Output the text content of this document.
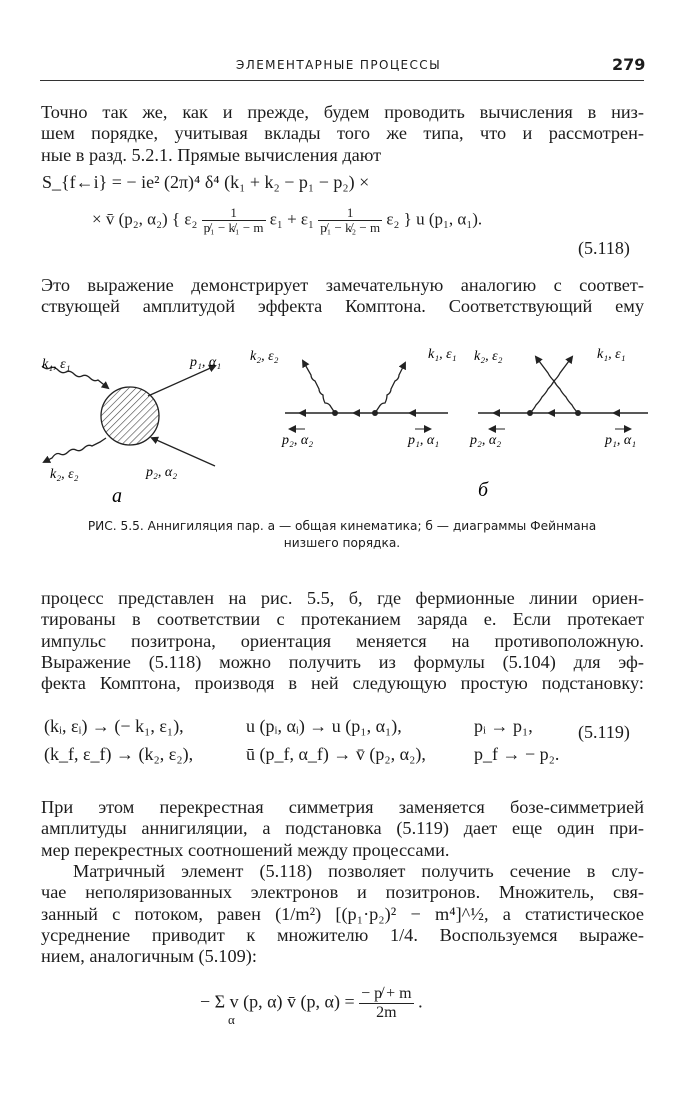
ЭЛЕМЕНТАРНЫЕ ПРОЦЕССЫ	279
Точно так же, как и прежде, будем проводить вычисления в низ-
шем порядке, учитывая вклады того же типа, что и рассмотрен-
ные в разд. 5.2.1. Прямые вычисления дают
S_{f←i} = − ie² (2π)⁴ δ⁴ (k₁ + k₂ − p₁ − p₂) ×
× v̄ (p₂, α₂) { $\varepsilon_2 \frac{1}{\text{p̸₁ − k̸₁ − m}} \varepsilon_1 + \varepsilon_1 \frac{1}{\text{p̸₁ − k̸₂ − m}} \varepsilon_2$ } u (p₁, α₁).
(5.118)
Это выражение демонстрирует замечательную аналогию с соответ-
ствующей амплитудой эффекта Комптона. Соответствующий ему
k₁, ε₁	p₁, α₁
k₂, ε₂	p₂, α₂
a
k₂, ε₂	k₁, ε₁
p₂, α₂	p₁, α₁
k₂, ε₂	k₁, ε₁
p₂, α₂	p₁, α₁
б
РИС. 5.5. Аннигиляция пар. а — общая кинематика; б — диаграммы Фейнмана
низшего порядка.
процесс представлен на рис. 5.5, б, где фермионные линии ориен-
тированы в соответствии с протеканием заряда e. Если протекает
импульс позитрона, ориентация меняется на противоположную.
Выражение (5.118) можно получить из формулы (5.104) для эф-
фекта Комптона, производя в ней следующую простую подстановку:
(kᵢ, εᵢ) → (− k₁, ε₁),	u (pᵢ, αᵢ) → u (p₁, α₁),	pᵢ → p₁,
(k_f, ε_f) → (k₂, ε₂),	ū (p_f, α_f) → v̄ (p₂, α₂),	p_f → − p₂.
(5.119)
При этом перекрестная симметрия заменяется бозе-симметрией
амплитуды аннигиляции, а подстановка (5.119) дает еще один при-
мер перекрестных соотношений между процессами.
Матричный элемент (5.118) позволяет получить сечение в слу-
чае неполяризованных электронов и позитронов. Множитель, свя-
занный с потоком, равен (1/m²) [(p₁·p₂)² − m⁴]^½, а статистическое
усреднение приводит к множителю 1/4. Воспользуемся выраже-
нием, аналогичным (5.109):
− Σ v (p, α) v̄ (p, $\alpha) = \frac{- p̸ + m}{2m}$ .
α
